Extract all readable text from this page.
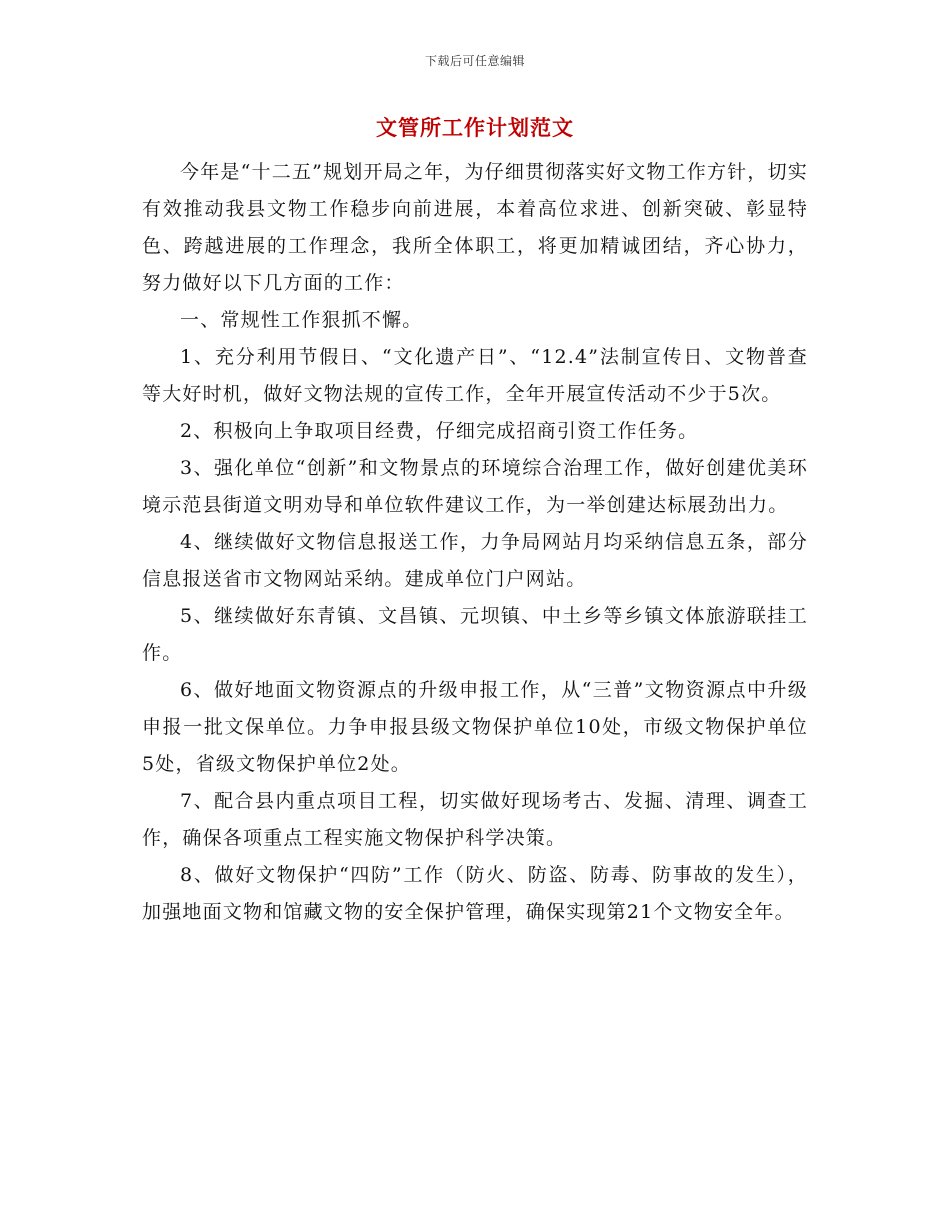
下载后可任意编辑
文管所工作计划范文

今年是“十二五”规划开局之年，为仔细贯彻落实好文物工作方针，切实有效推动我县文物工作稳步向前进展，本着高位求进、创新突破、彰显特色、跨越进展的工作理念，我所全体职工，将更加精诚团结，齐心协力，努力做好以下几方面的工作：

一、常规性工作狠抓不懈。

1、充分利用节假日、“文化遗产日”、“12.4”法制宣传日、文物普查等大好时机，做好文物法规的宣传工作，全年开展宣传活动不少于5次。

2、积极向上争取项目经费，仔细完成招商引资工作任务。

3、强化单位“创新”和文物景点的环境综合治理工作，做好创建优美环境示范县街道文明劝导和单位软件建议工作，为一举创建达标展劲出力。

4、继续做好文物信息报送工作，力争局网站月均采纳信息五条，部分信息报送省市文物网站采纳。建成单位门户网站。

5、继续做好东青镇、文昌镇、元坝镇、中土乡等乡镇文体旅游联挂工作。

6、做好地面文物资源点的升级申报工作，从“三普”文物资源点中升级申报一批文保单位。力争申报县级文物保护单位10处，市级文物保护单位5处，省级文物保护单位2处。

7、配合县内重点项目工程，切实做好现场考古、发掘、清理、调查工作，确保各项重点工程实施文物保护科学决策。

8、做好文物保护“四防”工作（防火、防盗、防毒、防事故的发生），加强地面文物和馆藏文物的安全保护管理，确保实现第21个文物安全年。
